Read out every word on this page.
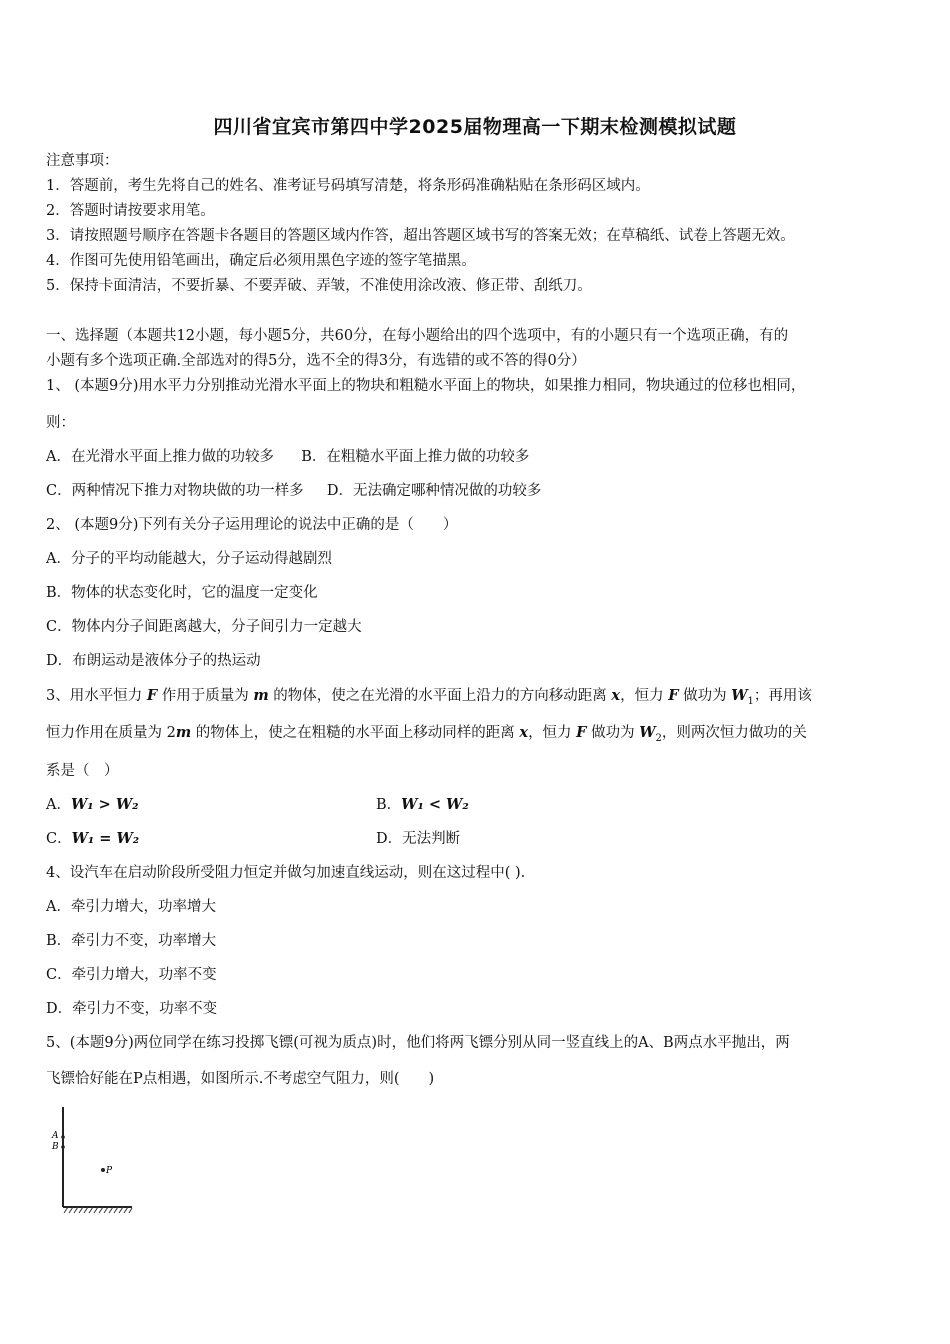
四川省宜宾市第四中学2025届物理高一下期末检测模拟试题
注意事项：
1．答题前，考生先将自己的姓名、准考证号码填写清楚，将条形码准确粘贴在条形码区域内。
2．答题时请按要求用笔。
3．请按照题号顺序在答题卡各题目的答题区域内作答，超出答题区域书写的答案无效；在草稿纸、试卷上答题无效。
4．作图可先使用铅笔画出，确定后必须用黑色字迹的签字笔描黑。
5．保持卡面清洁，不要折暴、不要弄破、弄皱，不准使用涂改液、修正带、刮纸刀。
一、选择题（本题共12小题，每小题5分，共60分，在每小题给出的四个选项中，有的小题只有一个选项正确，有的
小题有多个选项正确.全部选对的得5分，选不全的得3分，有选错的或不答的得0分）
1、 (本题9分)用水平力分别推动光滑水平面上的物块和粗糙水平面上的物块，如果推力相同，物块通过的位移也相同，
则：
A．在光滑水平面上推力做的功较多 B．在粗糙水平面上推力做的功较多
C．两种情况下推力对物块做的功一样多 D．无法确定哪种情况做的功较多
2、 (本题9分)下列有关分子运用理论的说法中正确的是（　　）
A．分子的平均动能越大，分子运动得越剧烈
B．物体的状态变化时，它的温度一定变化
C．物体内分子间距离越大，分子间引力一定越大
D．布朗运动是液体分子的热运动
3、用水平恒力 F 作用于质量为 m 的物体，使之在光滑的水平面上沿力的方向移动距离 x，恒力 F 做功为 $W_1$；再用该
恒力作用在质量为 2m 的物体上，使之在粗糙的水平面上移动同样的距离 x，恒力 F 做功为 $W_2$，则两次恒力做功的关
系是（　）
A．W₁ > W₂	B．W₁ < W₂
C．W₁ = W₂	D．无法判断
4、设汽车在启动阶段所受阻力恒定并做匀加速直线运动，则在这过程中( ).
A．牵引力增大，功率增大
B．牵引力不变，功率增大
C．牵引力增大，功率不变
D．牵引力不变，功率不变
5、(本题9分)两位同学在练习投掷飞镖(可视为质点)时，他们将两飞镖分别从同一竖直线上的A、B两点水平抛出，两
飞镖恰好能在P点相遇，如图所示.不考虑空气阻力，则(　　)
A
B
P
